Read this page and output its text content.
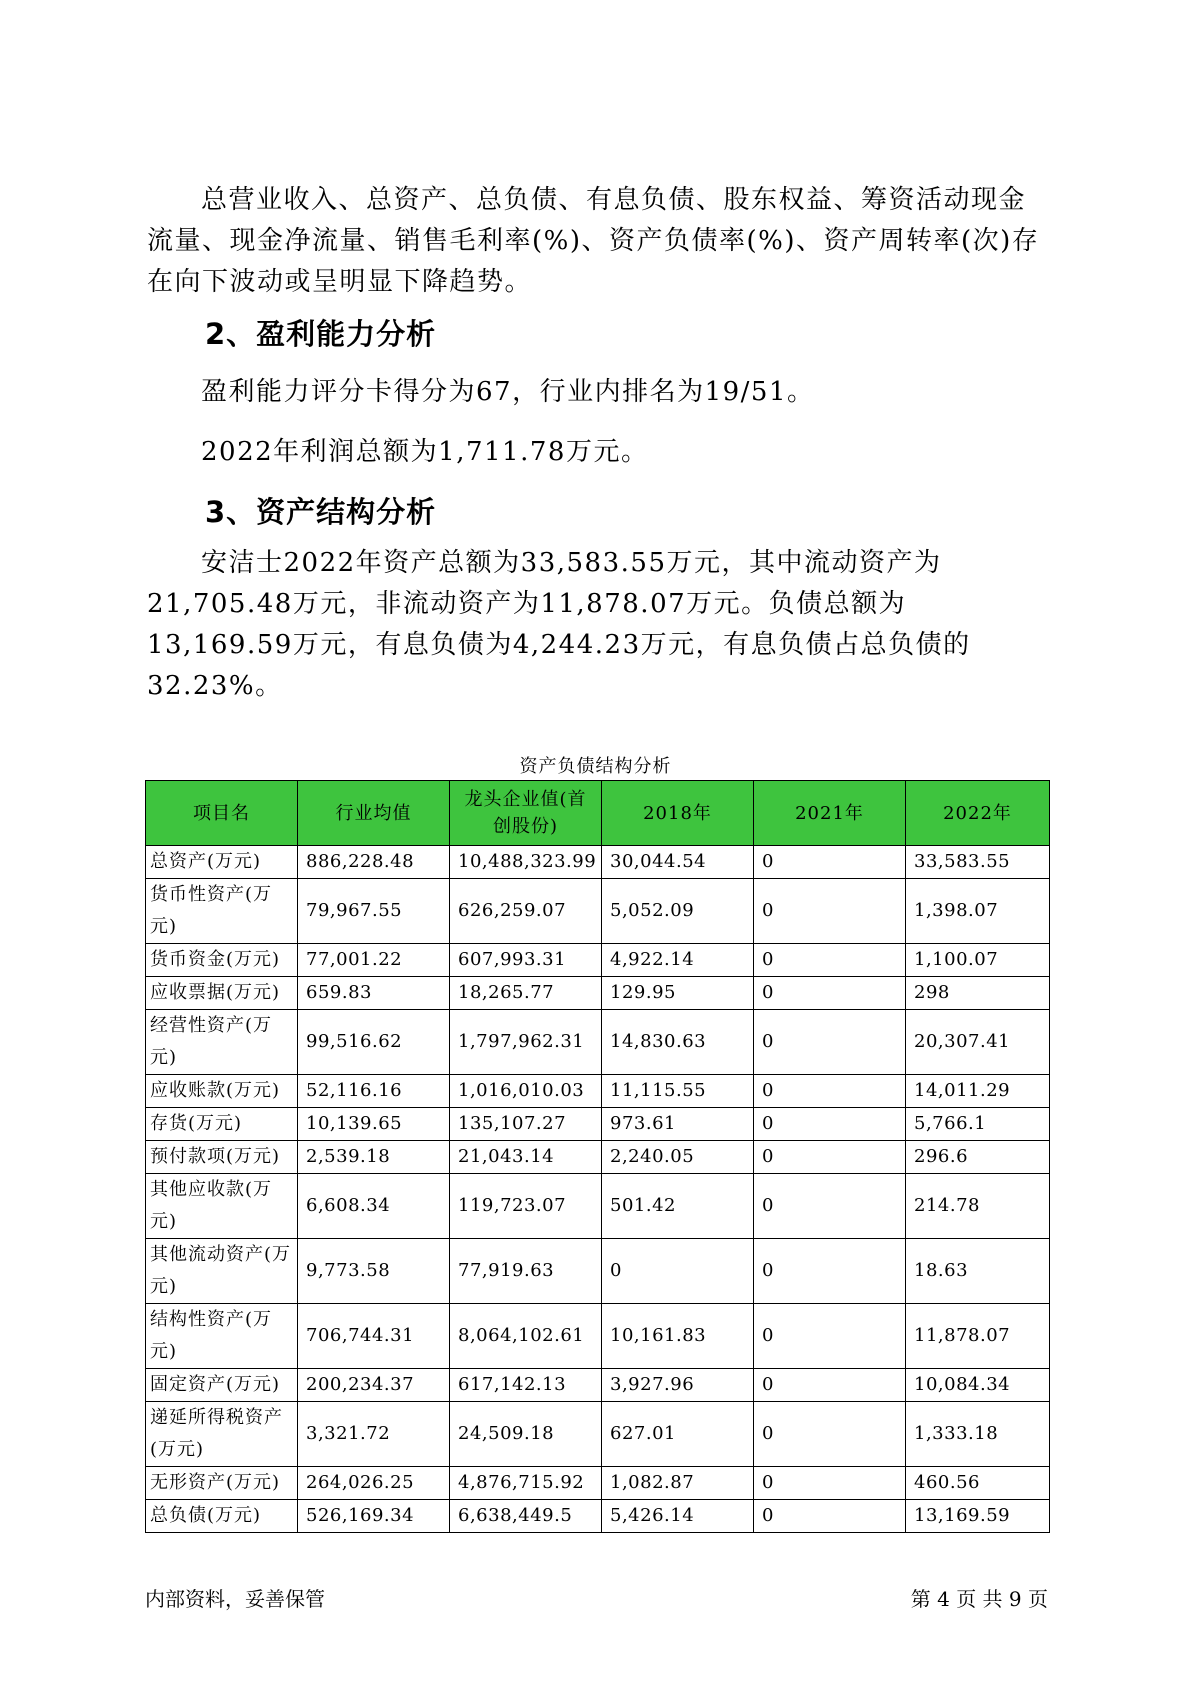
总营业收入、总资产、总负债、有息负债、股东权益、筹资活动现金流量、现金净流量、销售毛利率(%)、资产负债率(%)、资产周转率(次)存在向下波动或呈明显下降趋势。

2、盈利能力分析

盈利能力评分卡得分为67，行业内排名为19/51。

2022年利润总额为1,711.78万元。

3、资产结构分析

安洁士2022年资产总额为33,583.55万元，其中流动资产为21,705.48万元，非流动资产为11,878.07万元。负债总额为13,169.59万元，有息负债为4,244.23万元，有息负债占总负债的32.23%。

资产负债结构分析
项目名	行业均值	龙头企业值(首创股份)	2018年	2021年	2022年
总资产(万元)	886,228.48	10,488,323.99	30,044.54	0	33,583.55
货币性资产(万元)	79,967.55	626,259.07	5,052.09	0	1,398.07
货币资金(万元)	77,001.22	607,993.31	4,922.14	0	1,100.07
应收票据(万元)	659.83	18,265.77	129.95	0	298
经营性资产(万元)	99,516.62	1,797,962.31	14,830.63	0	20,307.41
应收账款(万元)	52,116.16	1,016,010.03	11,115.55	0	14,011.29
存货(万元)	10,139.65	135,107.27	973.61	0	5,766.1
预付款项(万元)	2,539.18	21,043.14	2,240.05	0	296.6
其他应收款(万元)	6,608.34	119,723.07	501.42	0	214.78
其他流动资产(万元)	9,773.58	77,919.63	0	0	18.63
结构性资产(万元)	706,744.31	8,064,102.61	10,161.83	0	11,878.07
固定资产(万元)	200,234.37	617,142.13	3,927.96	0	10,084.34
递延所得税资产(万元)	3,321.72	24,509.18	627.01	0	1,333.18
无形资产(万元)	264,026.25	4,876,715.92	1,082.87	0	460.56
总负债(万元)	526,169.34	6,638,449.5	5,426.14	0	13,169.59
内部资料，妥善保管	第 4 页 共 9 页
